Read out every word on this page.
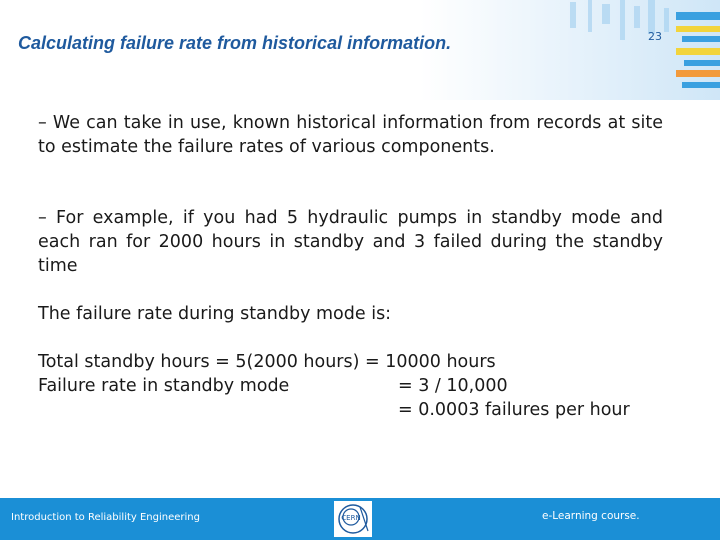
Calculating failure rate from historical information.	23
– We can take in use, known historical information from records at site to estimate the failure rates of various components.
– For example, if you had 5 hydraulic pumps in standby mode and each ran for 2000 hours in standby and 3 failed during the standby time
The failure rate during standby mode is:
Total standby hours = 5(2000 hours) = 10000 hours
Failure rate in standby mode	= 3 / 10,000
= 0.0003 failures per hour
Introduction to Reliability Engineering	CERN	e-Learning course.
